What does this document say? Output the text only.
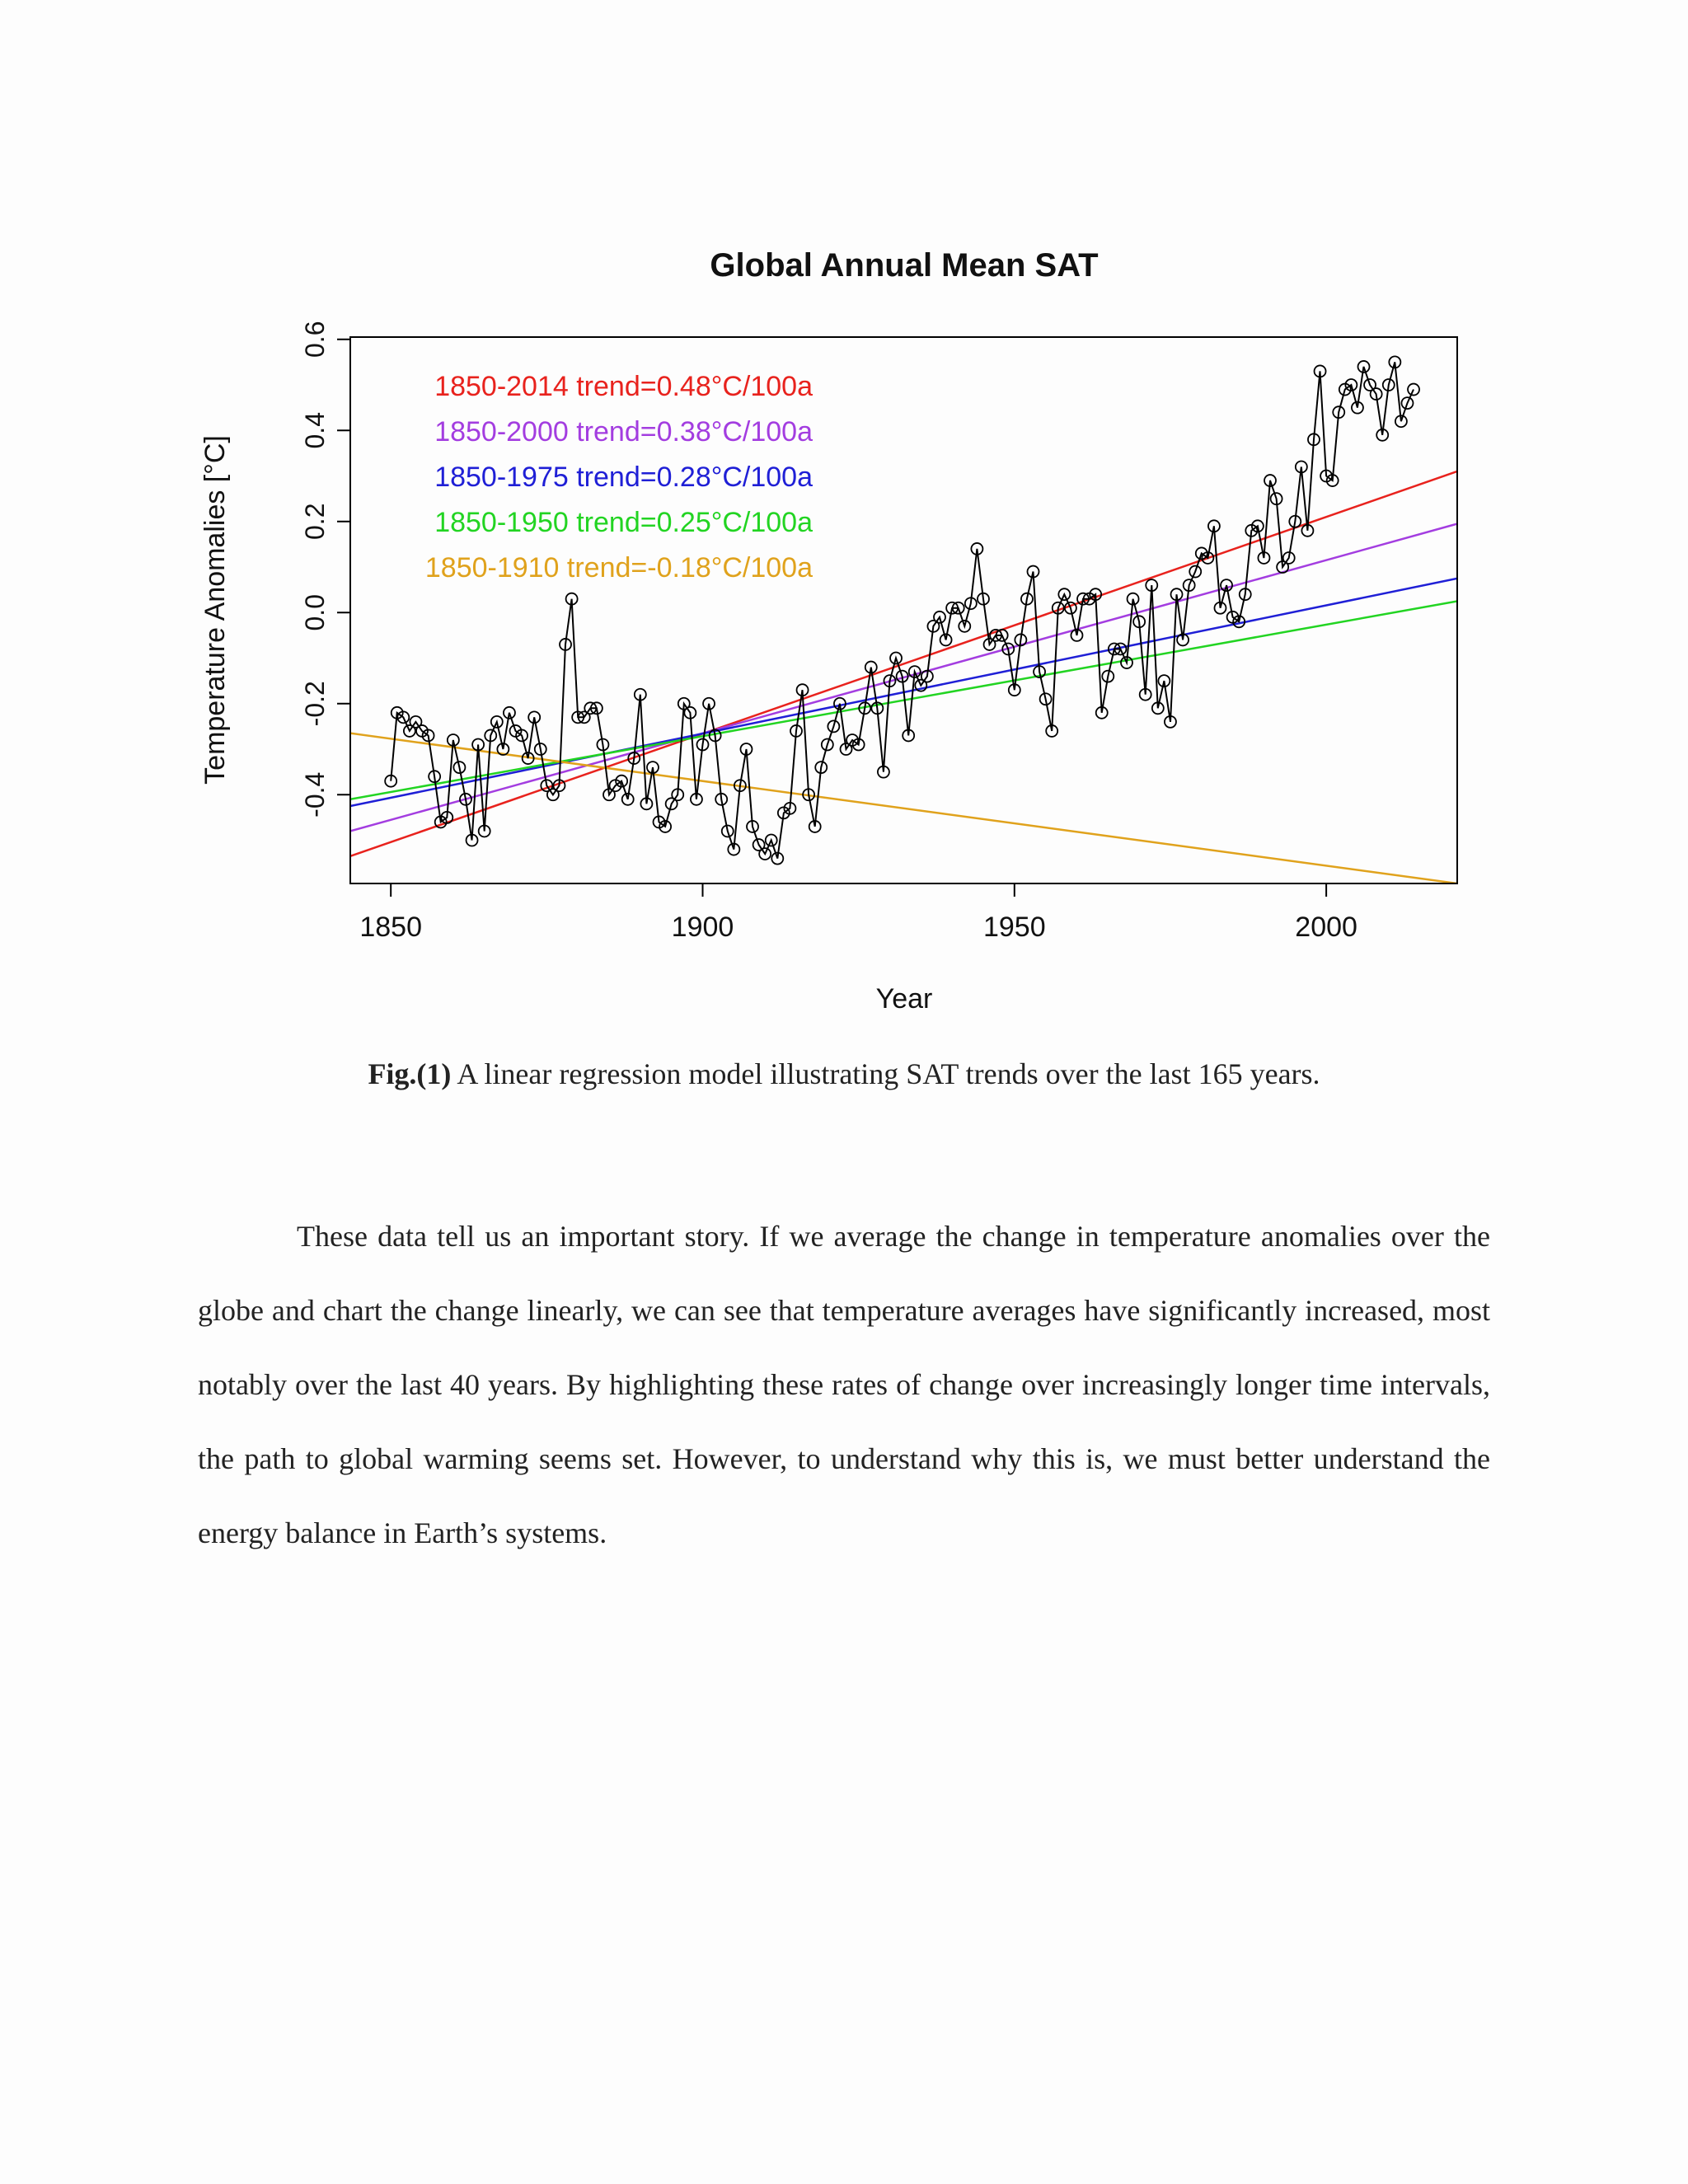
Global Annual Mean SAT
1850-2014 trend=0.48°C/100a
1850-2000 trend=0.38°C/100a
1850-1975 trend=0.28°C/100a
1850-1950 trend=0.25°C/100a
1850-1910 trend=-0.18°C/100a
Year
Temperature Anomalies [°C]
1850	1900	1950	2000
-0.4
-0.2
0.0
0.2
0.4
0.6

Fig.(1) A linear regression model illustrating SAT trends over the last 165 years.

These data tell us an important story. If we average the change in temperature anomalies over the globe and chart the change linearly, we can see that temperature averages have significantly increased, most notably over the last 40 years. By highlighting these rates of change over increasingly longer time intervals, the path to global warming seems set. However, to understand why this is, we must better understand the energy balance in Earth’s systems.
